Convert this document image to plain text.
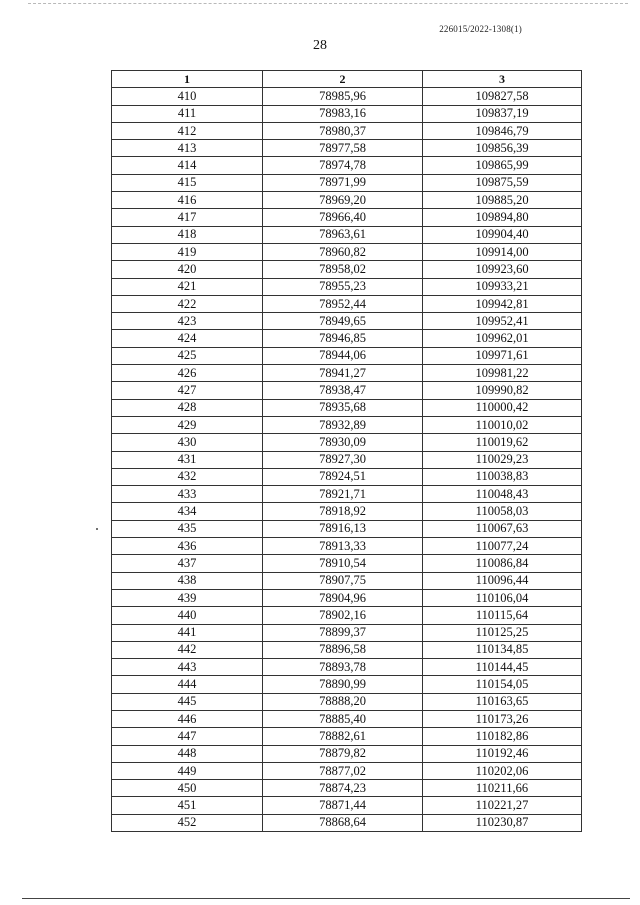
226015/2022-1308(1)
28
1	2	3
410	78985,96	109827,58
411	78983,16	109837,19
412	78980,37	109846,79
413	78977,58	109856,39
414	78974,78	109865,99
415	78971,99	109875,59
416	78969,20	109885,20
417	78966,40	109894,80
418	78963,61	109904,40
419	78960,82	109914,00
420	78958,02	109923,60
421	78955,23	109933,21
422	78952,44	109942,81
423	78949,65	109952,41
424	78946,85	109962,01
425	78944,06	109971,61
426	78941,27	109981,22
427	78938,47	109990,82
428	78935,68	110000,42
429	78932,89	110010,02
430	78930,09	110019,62
431	78927,30	110029,23
432	78924,51	110038,83
433	78921,71	110048,43
434	78918,92	110058,03
435	78916,13	110067,63
436	78913,33	110077,24
437	78910,54	110086,84
438	78907,75	110096,44
439	78904,96	110106,04
440	78902,16	110115,64
441	78899,37	110125,25
442	78896,58	110134,85
443	78893,78	110144,45
444	78890,99	110154,05
445	78888,20	110163,65
446	78885,40	110173,26
447	78882,61	110182,86
448	78879,82	110192,46
449	78877,02	110202,06
450	78874,23	110211,66
451	78871,44	110221,27
452	78868,64	110230,87
